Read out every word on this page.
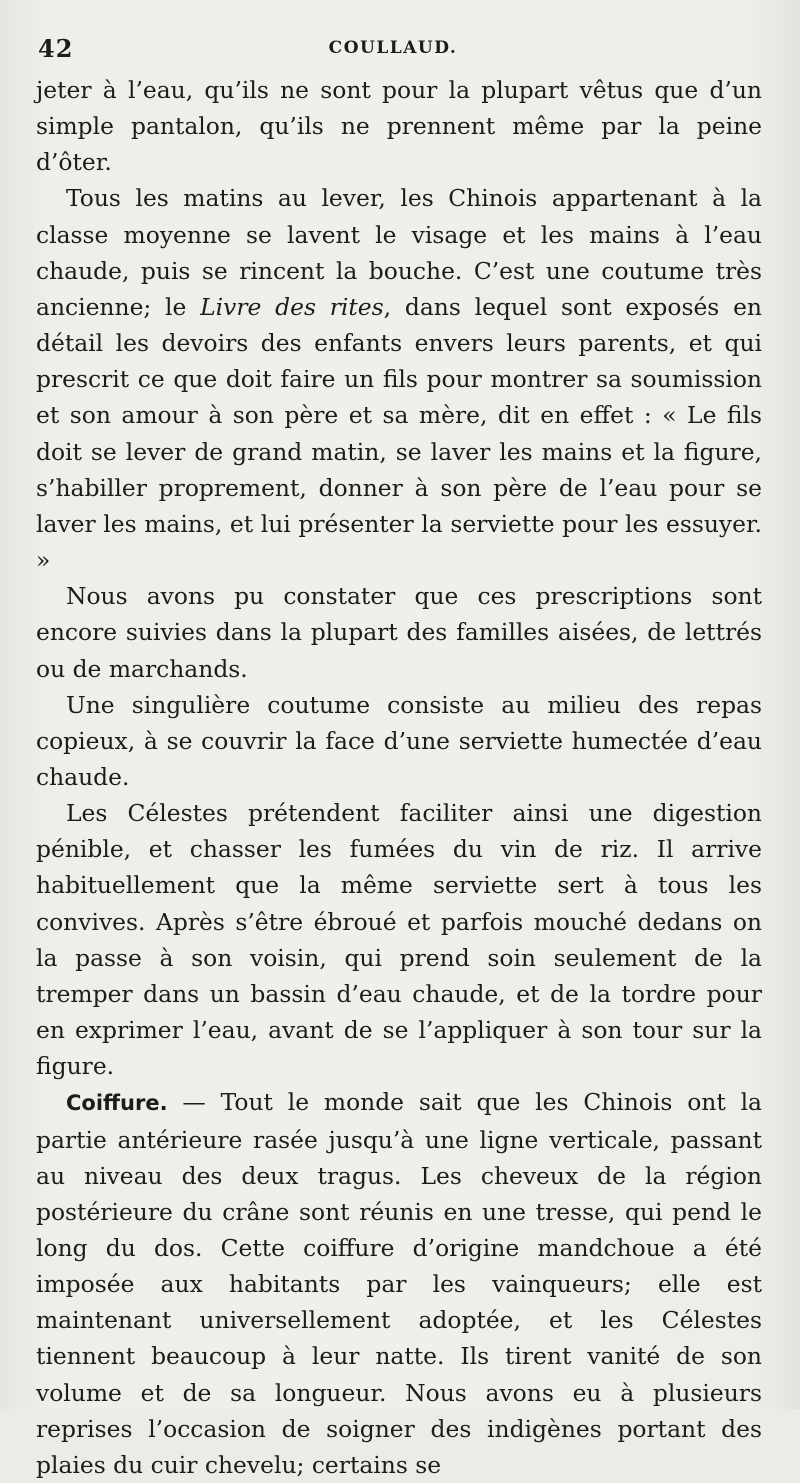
42	COULLAUD.

jeter à l’eau, qu’ils ne sont pour la plupart vêtus que d’un simple pantalon, qu’ils ne prennent même par la peine d’ôter.

Tous les matins au lever, les Chinois appartenant à la classe moyenne se lavent le visage et les mains à l’eau chaude, puis se rincent la bouche. C’est une coutume très ancienne; le Livre des rites, dans lequel sont exposés en détail les devoirs des enfants envers leurs parents, et qui prescrit ce que doit faire un fils pour montrer sa soumission et son amour à son père et sa mère, dit en effet : « Le fils doit se lever de grand matin, se laver les mains et la figure, s’habiller proprement, donner à son père de l’eau pour se laver les mains, et lui présenter la serviette pour les essuyer. »

Nous avons pu constater que ces prescriptions sont encore suivies dans la plupart des familles aisées, de lettrés ou de marchands.

Une singulière coutume consiste au milieu des repas copieux, à se couvrir la face d’une serviette humectée d’eau chaude.

Les Célestes prétendent faciliter ainsi une digestion pénible, et chasser les fumées du vin de riz. Il arrive habituellement que la même serviette sert à tous les convives. Après s’être ébroué et parfois mouché dedans on la passe à son voisin, qui prend soin seulement de la tremper dans un bassin d’eau chaude, et de la tordre pour en exprimer l’eau, avant de se l’appliquer à son tour sur la figure.

Coiffure. — Tout le monde sait que les Chinois ont la partie antérieure rasée jusqu’à une ligne verticale, passant au niveau des deux tragus. Les cheveux de la région postérieure du crâne sont réunis en une tresse, qui pend le long du dos. Cette coiffure d’origine mandchoue a été imposée aux habitants par les vainqueurs; elle est maintenant universellement adoptée, et les Célestes tiennent beaucoup à leur natte. Ils tirent vanité de son volume et de sa longueur. Nous avons eu à plusieurs reprises l’occasion de soigner des indigènes portant des plaies du cuir chevelu; certains se
